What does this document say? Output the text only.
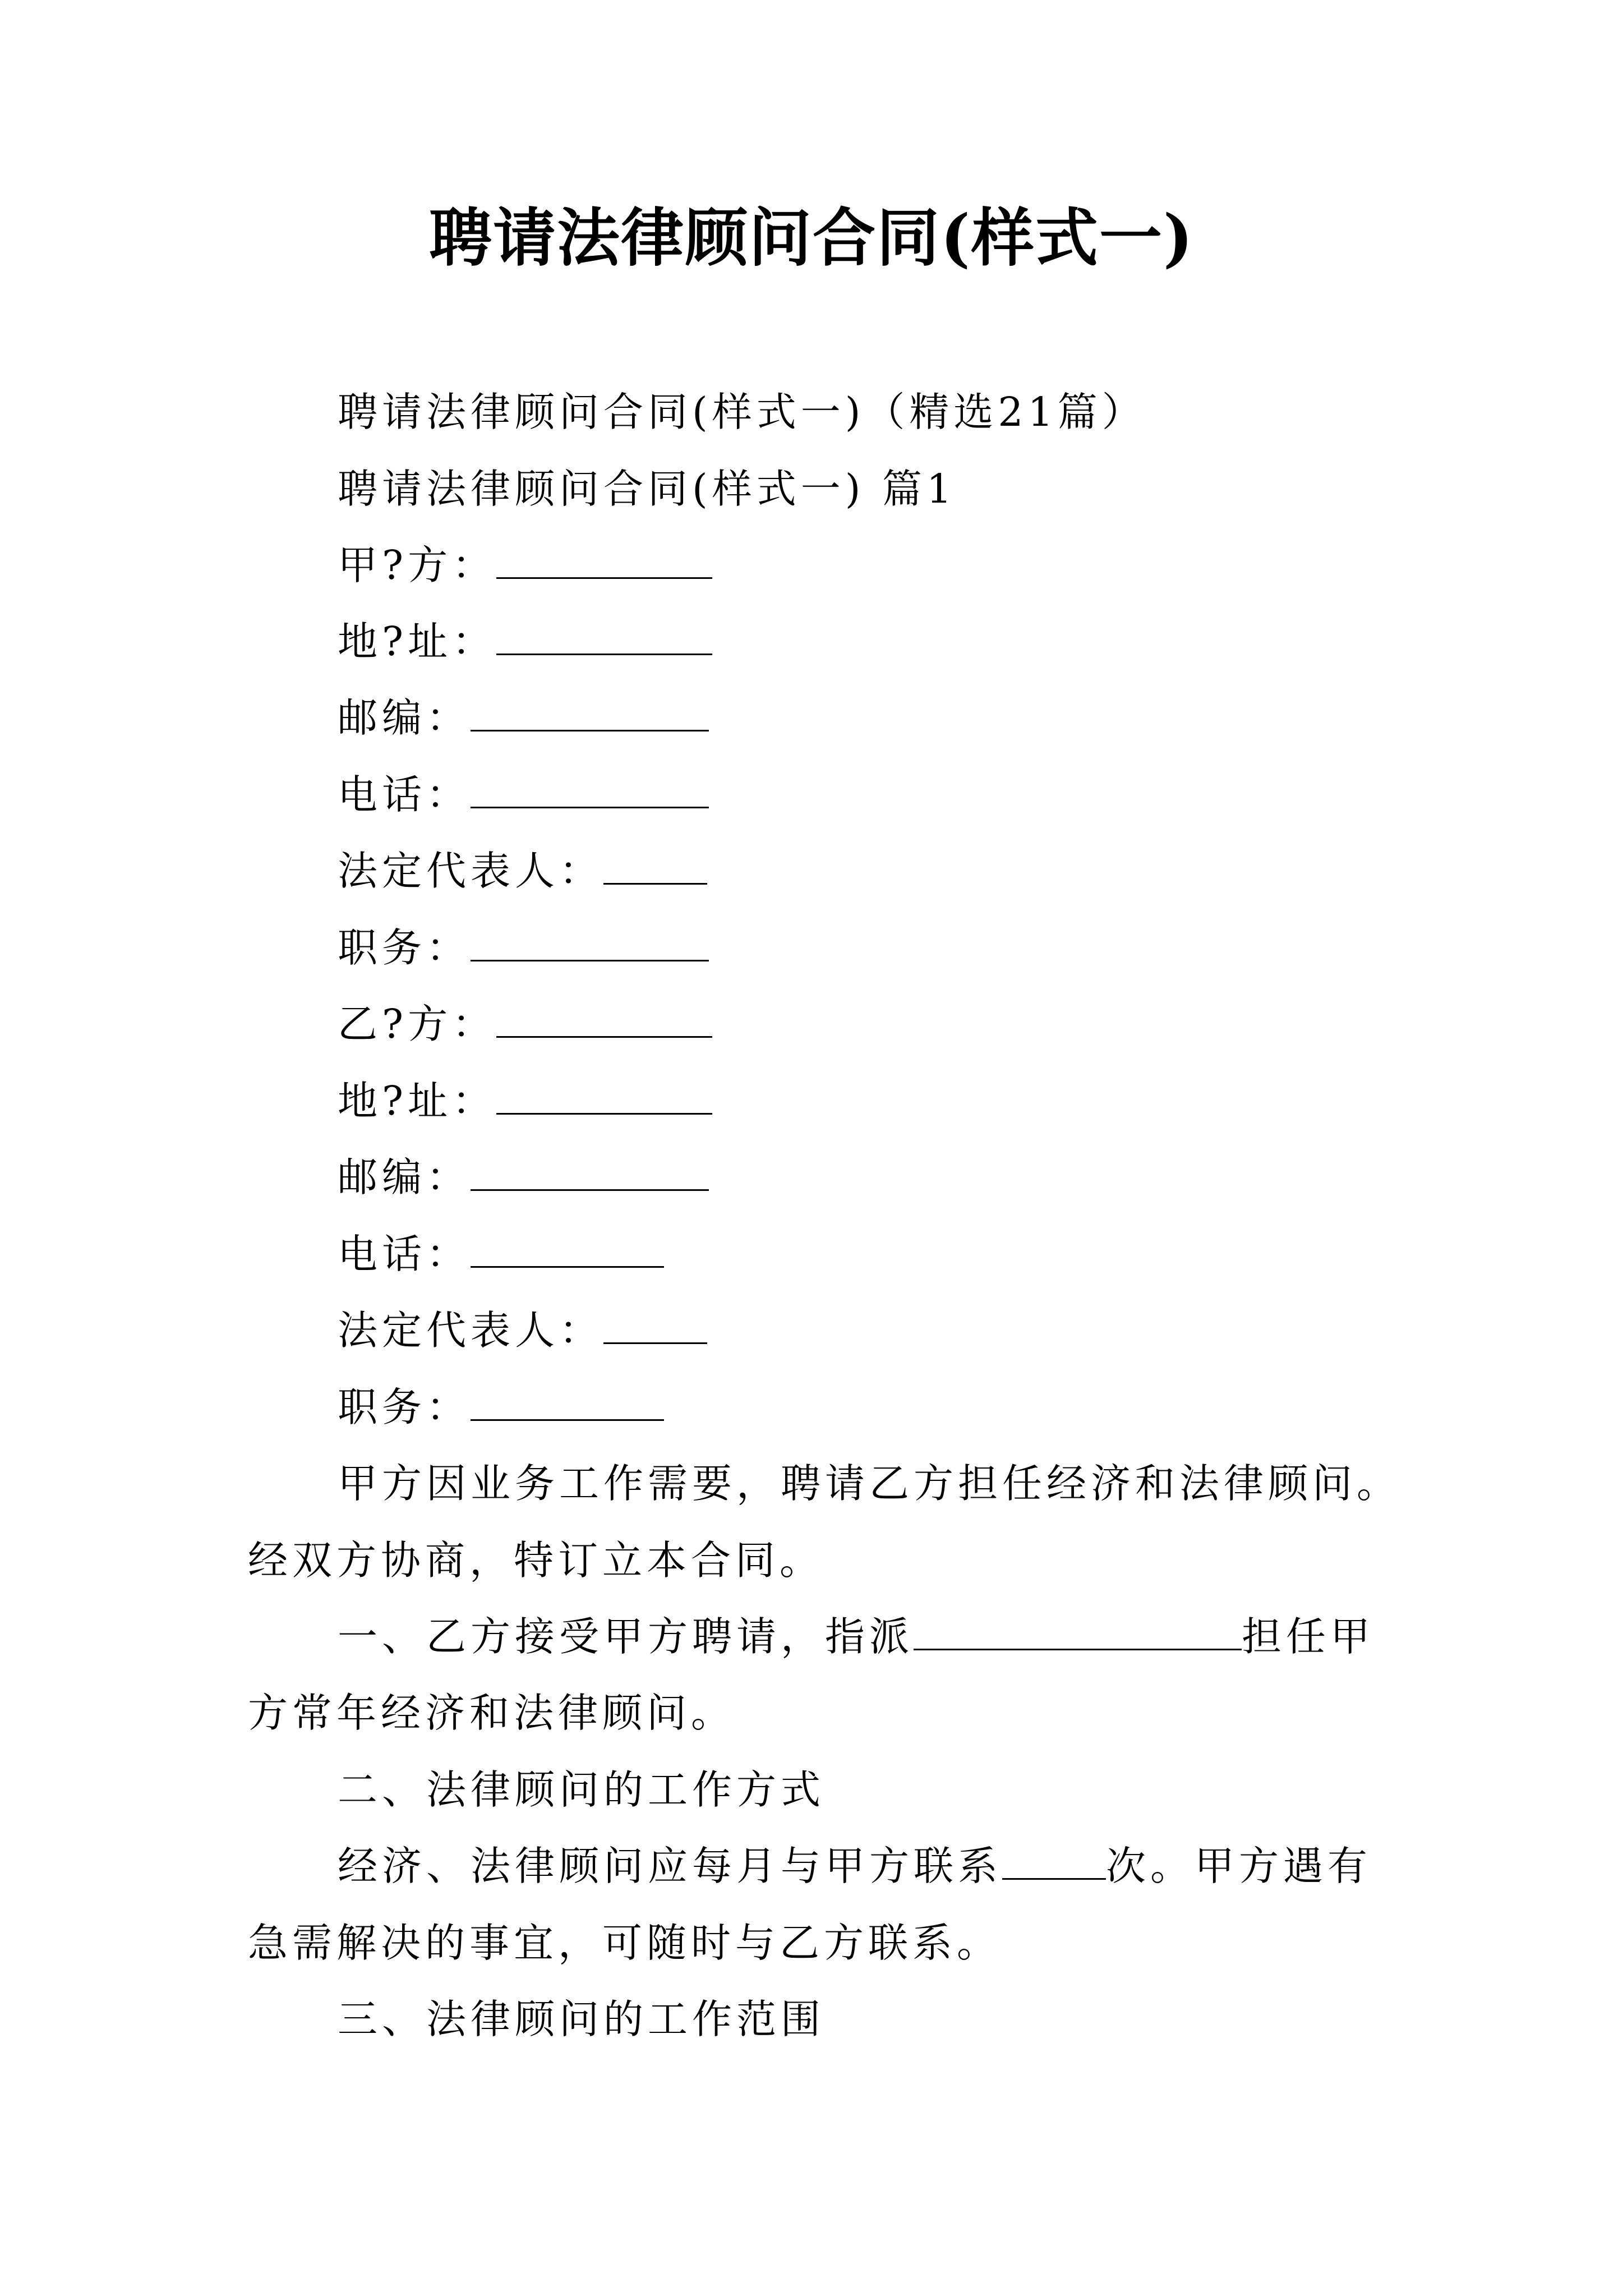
聘请法律顾问合同(样式一)
聘请法律顾问合同(样式一)（精选21篇）
聘请法律顾问合同(样式一) 篇1
甲?方：
地?址：
邮编：
电话：
法定代表人：
职务：
乙?方：
地?址：
邮编：
电话：
法定代表人：
职务：
甲方因业务工作需要，聘请乙方担任经济和法律顾问。
经双方协商，特订立本合同。
一、乙方接受甲方聘请，指派	担任甲
方常年经济和法律顾问。
二、法律顾问的工作方式
经济、法律顾问应每月与甲方联系	次。甲方遇有
急需解决的事宜，可随时与乙方联系。
三、法律顾问的工作范围
